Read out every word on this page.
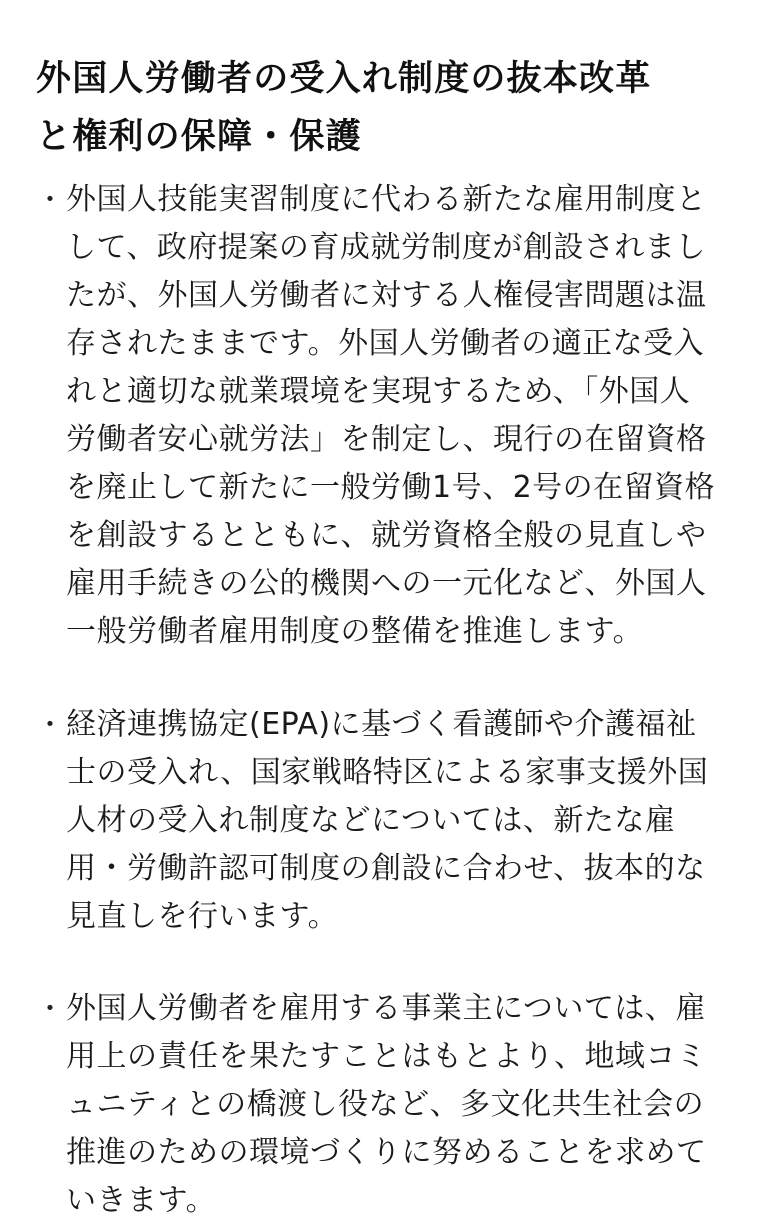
外国人労働者の受入れ制度の抜本改革
と権利の保障・保護
・ 外国人技能実習制度に代わる新たな雇用制度と
して、政府提案の育成就労制度が創設されまし
たが、外国人労働者に対する人権侵害問題は温
存されたままです。外国人労働者の適正な受入
れと適切な就業環境を実現するため、「外国人
労働者安心就労法」を制定し、現行の在留資格
を廃止して新たに一般労働1号、2号の在留資格
を創設するとともに、就労資格全般の見直しや
雇用手続きの公的機関への一元化など、外国人
一般労働者雇用制度の整備を推進します。
・ 経済連携協定(EPA)に基づく看護師や介護福祉
士の受入れ、国家戦略特区による家事支援外国
人材の受入れ制度などについては、新たな雇
用・労働許認可制度の創設に合わせ、抜本的な
見直しを行います。
・ 外国人労働者を雇用する事業主については、雇
用上の責任を果たすことはもとより、地域コミ
ュニティとの橋渡し役など、多文化共生社会の
推進のための環境づくりに努めることを求めて
いきます。
